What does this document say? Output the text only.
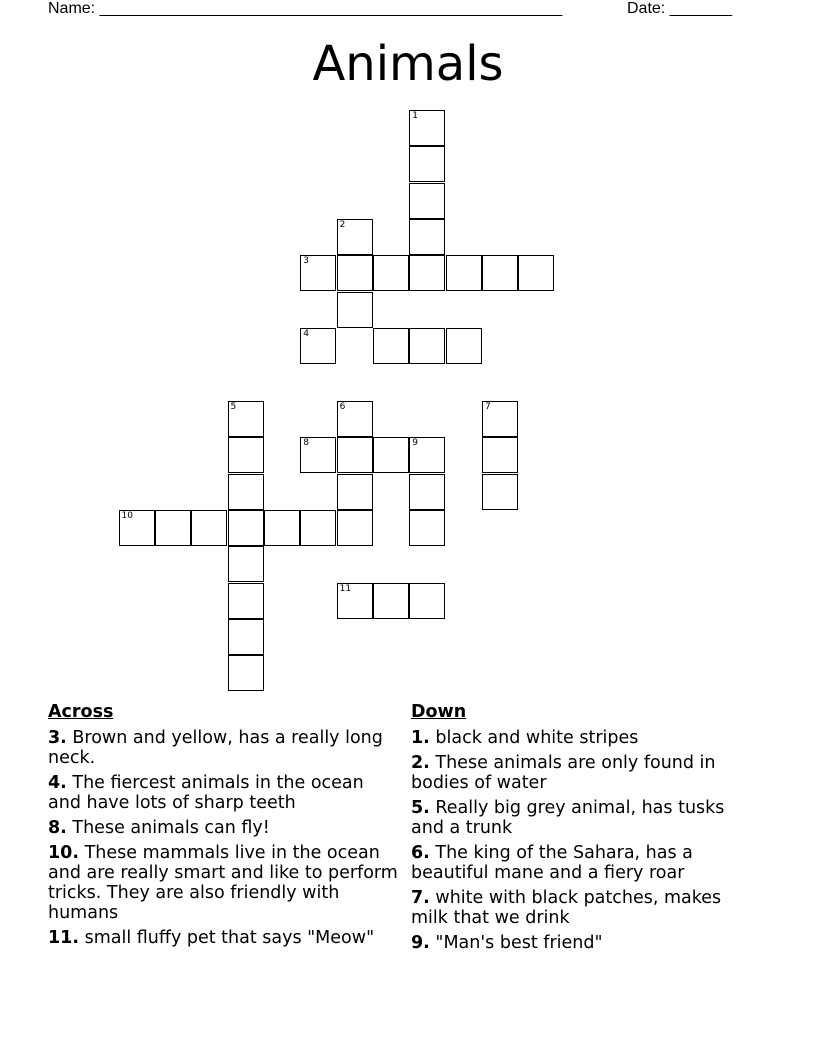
Name: ____________________________________________________	Date: _______
Animals
1
2
3
4
5	6	7
8	9
10
11
Across
3. Brown and yellow, has a really long neck.
4. The fiercest animals in the ocean and have lots of sharp teeth
8. These animals can fly!
10. These mammals live in the ocean and are really smart and like to perform tricks. They are also friendly with humans
11. small fluffy pet that says "Meow"
Down
1. black and white stripes
2. These animals are only found in bodies of water
5. Really big grey animal, has tusks and a trunk
6. The king of the Sahara, has a beautiful mane and a fiery roar
7. white with black patches, makes milk that we drink
9. "Man's best friend"
